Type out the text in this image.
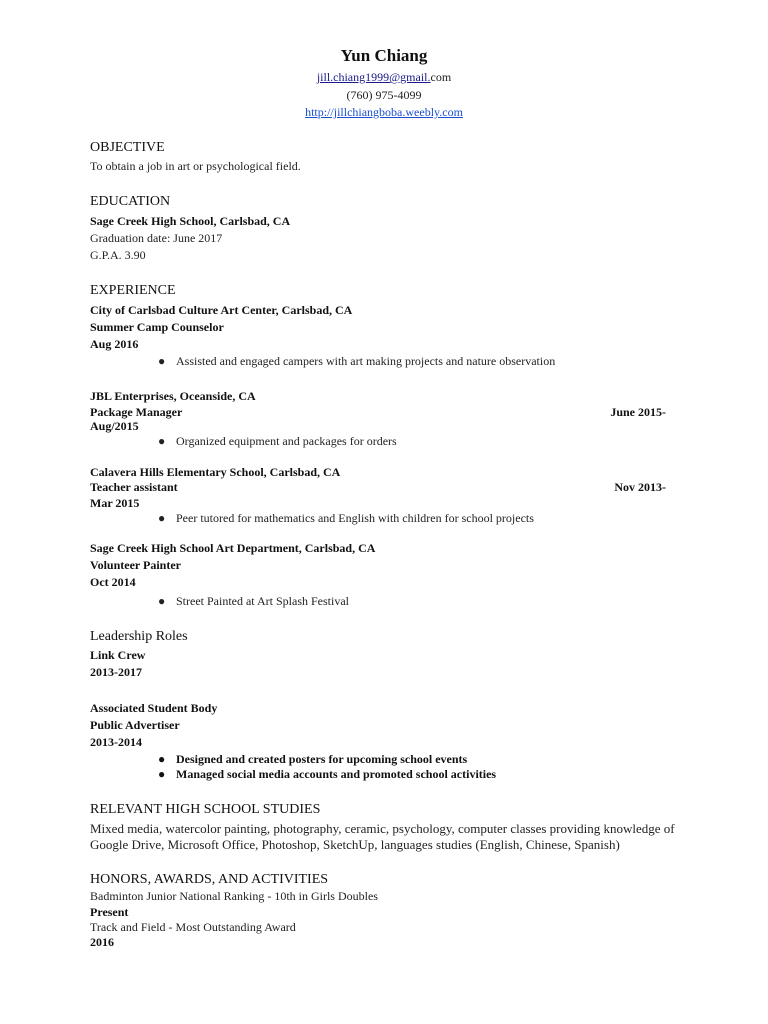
Yun Chiang
jill.chiang1999@gmail.com
(760) 975-4099
http://jillchiangboba.weebly.com
OBJECTIVE
To obtain a job in art or psychological field.
EDUCATION
Sage Creek High School, Carlsbad, CA
Graduation date: June 2017
G.P.A. 3.90
EXPERIENCE
City of Carlsbad Culture Art Center, Carlsbad, CA
Summer Camp Counselor
Aug 2016
● Assisted and engaged campers with art making projects and nature observation
JBL Enterprises, Oceanside, CA
Package Manager	June 2015-
Aug/2015
● Organized equipment and packages for orders
Calavera Hills Elementary School, Carlsbad, CA
Teacher assistant	Nov 2013-
Mar 2015
● Peer tutored for mathematics and English with children for school projects
Sage Creek High School Art Department, Carlsbad, CA
Volunteer Painter
Oct 2014
● Street Painted at Art Splash Festival
Leadership Roles
Link Crew
2013-2017
Associated Student Body
Public Advertiser
2013-2014
● Designed and created posters for upcoming school events
● Managed social media accounts and promoted school activities
RELEVANT HIGH SCHOOL STUDIES
Mixed media, watercolor painting, photography, ceramic, psychology, computer classes providing knowledge of
Google Drive, Microsoft Office, Photoshop, SketchUp, languages studies (English, Chinese, Spanish)
HONORS, AWARDS, AND ACTIVITIES
Badminton Junior National Ranking - 10th in Girls Doubles
Present
Track and Field - Most Outstanding Award
2016
